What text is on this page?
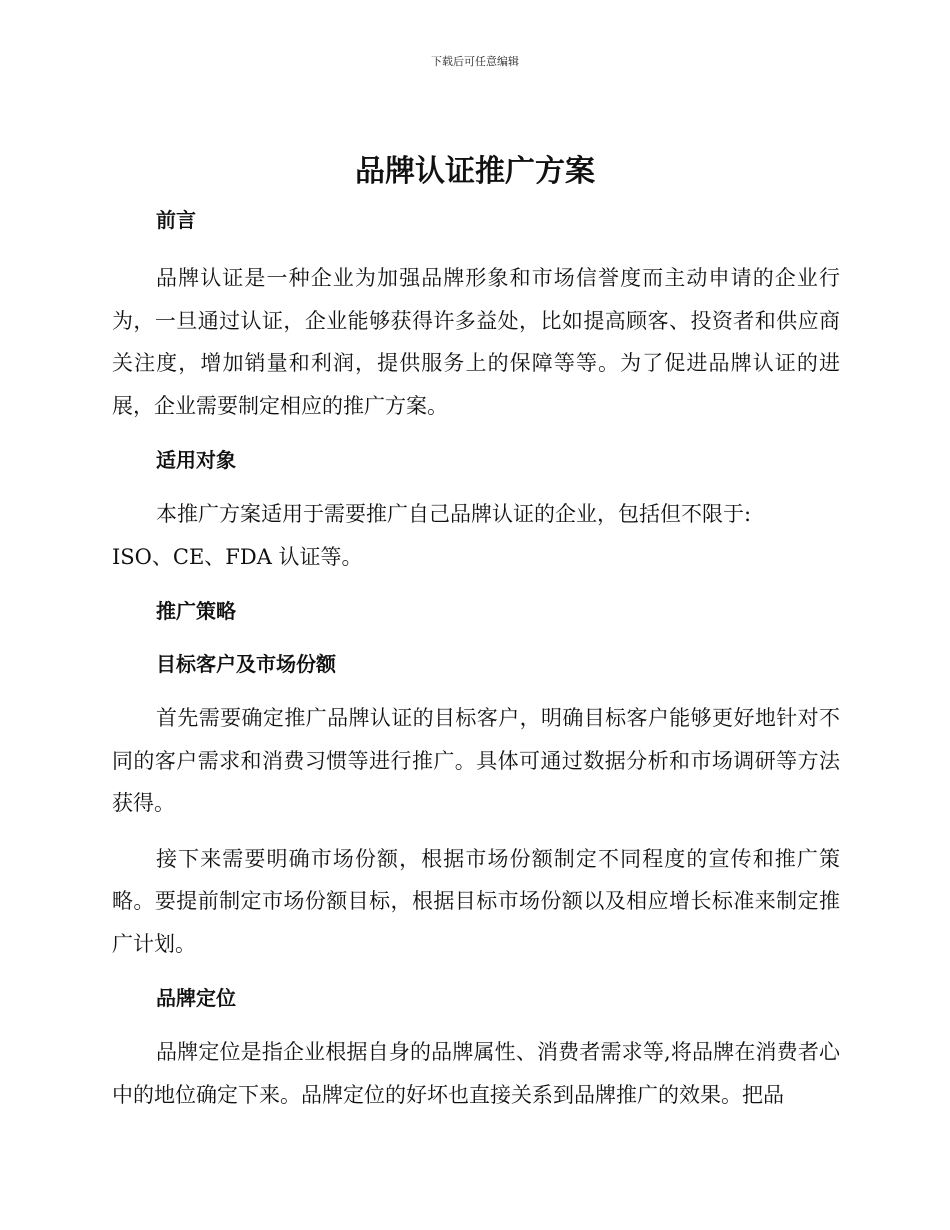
下载后可任意编辑
品牌认证推广方案
前言

品牌认证是一种企业为加强品牌形象和市场信誉度而主动申请的企业行为，一旦通过认证，企业能够获得许多益处，比如提高顾客、投资者和供应商关注度，增加销量和利润，提供服务上的保障等等。为了促进品牌认证的进展，企业需要制定相应的推广方案。

适用对象

本推广方案适用于需要推广自己品牌认证的企业，包括但不限于:

ISO、CE、FDA 认证等。

推广策略
目标客户及市场份额

首先需要确定推广品牌认证的目标客户，明确目标客户能够更好地针对不同的客户需求和消费习惯等进行推广。具体可通过数据分析和市场调研等方法获得。

接下来需要明确市场份额，根据市场份额制定不同程度的宣传和推广策略。要提前制定市场份额目标，根据目标市场份额以及相应增长标准来制定推广计划。

品牌定位

品牌定位是指企业根据自身的品牌属性、消费者需求等,将品牌在消费者心中的地位确定下来。品牌定位的好坏也直接关系到品牌推广的效果。把品
